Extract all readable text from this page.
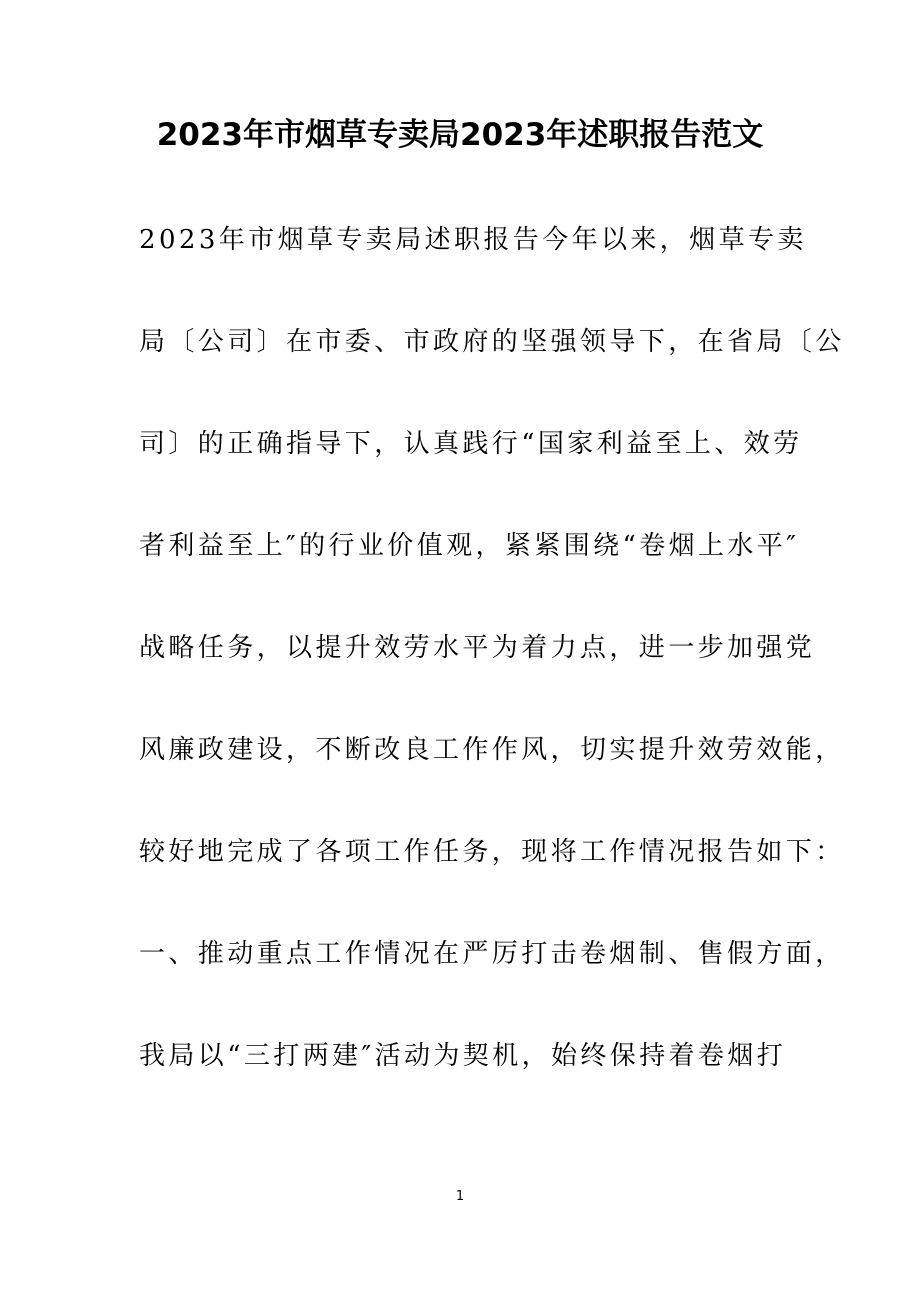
2023年市烟草专卖局2023年述职报告范文
2023年市烟草专卖局述职报告今年以来，烟草专卖
局〔公司〕在市委、市政府的坚强领导下，在省局〔公
司〕的正确指导下，认真践行“国家利益至上、效劳
者利益至上″的行业价值观，紧紧围绕“卷烟上水平″
战略任务，以提升效劳水平为着力点，进一步加强党
风廉政建设，不断改良工作作风，切实提升效劳效能，
较好地完成了各项工作任务，现将工作情况报告如下：
一、推动重点工作情况在严厉打击卷烟制、售假方面，
我局以“三打两建″活动为契机，始终保持着卷烟打
1
